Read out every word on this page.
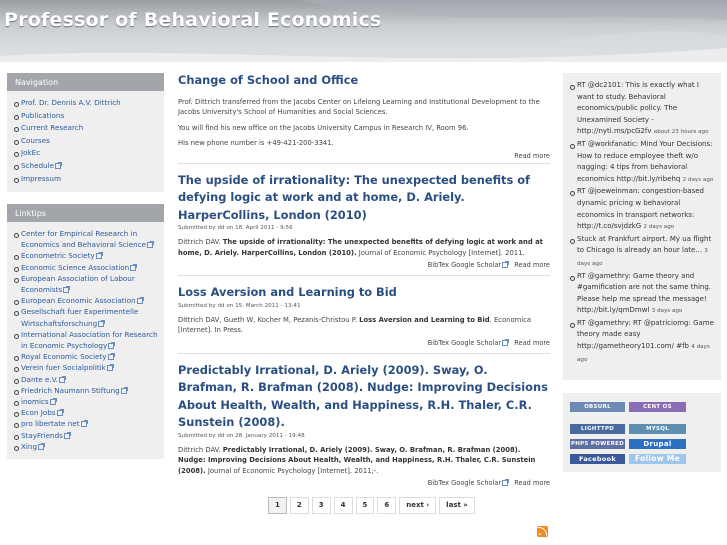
Professor of Behavioral Economics
Navigation
Prof. Dr. Dennis A.V. Dittrich
Publications
Current Research
Courses
JokEc
Schedule
Impressum
Linktips
Center for Empirical Research in Economics and Behavioral Science
Econometric Society
Economic Science Association
European Association of Labour Economists
European Economic Association
Gesellschaft fuer Experimentelle Wirtschaftsforschung
International Association for Research in Economic Psychology
Royal Economic Society
Verein fuer Socialpolitik
Dante e.V.
Friedrich Naumann Stiftung
inomics
Econ Jobs
pro libertate net
StayFriends
Xing
Change of School and Office

Prof. Dittrich transferred from the Jacobs Center on Lifelong Learning and Institutional Development to the Jacobs University's School of Humanities and Social Sciences.

You will find his new office on the Jacobs University Campus in Research IV, Room 96.

His new phone number is +49-421-200-3341.

Read more
The upside of irrationality: The unexpected benefits of defying logic at work and at home, D. Ariely. HarperCollins, London (2010)
Submitted by dd on 18. April 2011 - 9:56

Dittrich DAV. The upside of irrationality: The unexpected benefits of defying logic at work and at home, D. Ariely. HarperCollins, London (2010). Journal of Economic Psychology [Internet]. 2011.

BibTex Google Scholar Read more
Loss Aversion and Learning to Bid
Submitted by dd on 15. March 2011 - 13:41

Dittrich DAV, Gueth W, Kocher M, Pezanis-Christou P. Loss Aversion and Learning to Bid. Economica [Internet]. In Press.

BibTex Google Scholar Read more
Predictably Irrational, D. Ariely (2009). Sway, O. Brafman, R. Brafman (2008). Nudge: Improving Decisions About Health, Wealth, and Happiness, R.H. Thaler, C.R. Sunstein (2008).
Submitted by dd on 28. January 2011 - 19:48

Dittrich DAV. Predictably Irrational, D. Ariely (2009). Sway, O. Brafman, R. Brafman (2008). Nudge: Improving Decisions About Health, Wealth, and Happiness, R.H. Thaler, C.R. Sunstein (2008). Journal of Economic Psychology [Internet]. 2011;-.

BibTex Google Scholar Read more
1	2	3	4	5	6	next ›	last »
RT @dc2101: This is exactly what I want to study. Behavioral economics/public policy. The Unexamined Society - http://nyti.ms/pcG2fv about 23 hours ago
RT @workfanatic: Mind Your Decisions: How to reduce employee theft w/o nagging: 4 tips from behavioral economics http://bit.ly/ribehq 2 days ago
RT @joeweinman: congestion-based dynamic pricing w behavioral economics in transport networks: http://t.co/svjdzkG 2 days ago
Stuck at Frankfurt airport. My ua flight to Chicago is already an hour late... 3 days ago
RT @gamethry: Game theory and #gamification are not the same thing. Please help me spread the message! http://bit.ly/qmDmwl 3 days ago
RT @gamethry: RT @patriciomg: Game theory made easy http://gametheory101.com/ #fb 4 days ago
OBSURL	CENT OS
LIGHTTPD	MYSQL
PHP5 POWERED	Drupal
Facebook	Follow Me
